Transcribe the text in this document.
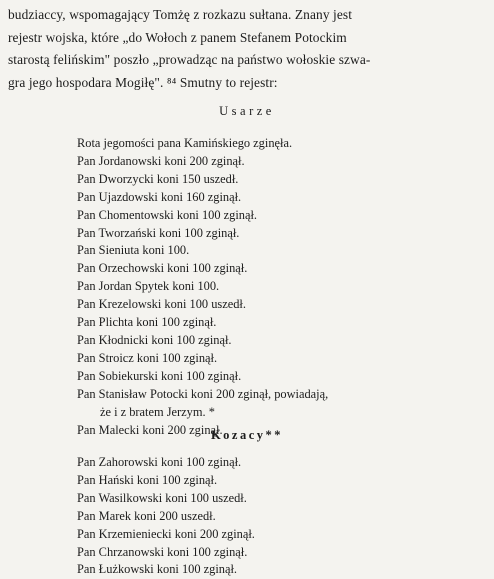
budziaccy, wspomagający Tomżę z rozkazu sułtana. Znany jest
rejestr wojska, które „do Wołoch z panem Stefanem Potockim
starostą felińskim" poszło „prowadząc na państwo wołoskie szwa-
gra jego hospodara Mogiłę". ⁸⁴ Smutny to rejestr:
Usarze
Rota jegomości pana Kamińskiego zginęła.
Pan Jordanowski koni 200 zginął.
Pan Dworzycki koni 150 uszedł.
Pan Ujazdowski koni 160 zginął.
Pan Chomentowski koni 100 zginął.
Pan Tworzański koni 100 zginął.
Pan Sieniuta koni 100.
Pan Orzechowski koni 100 zginął.
Pan Jordan Spytek koni 100.
Pan Krezelowski koni 100 uszedł.
Pan Plichta koni 100 zginął.
Pan Kłodnicki koni 100 zginął.
Pan Stroicz koni 100 zginął.
Pan Sobiekurski koni 100 zginął.
Pan Stanisław Potocki koni 200 zginął, powiadają,
że i z bratem Jerzym. *
Pan Malecki koni 200 zginął.
Kozacy**
Pan Zahorowski koni 100 zginął.
Pan Hański koni 100 zginął.
Pan Wasilkowski koni 100 uszedł.
Pan Marek koni 200 uszedł.
Pan Krzemieniecki koni 200 zginął.
Pan Chrzanowski koni 100 zginął.
Pan Łużkowski koni 100 zginął.
